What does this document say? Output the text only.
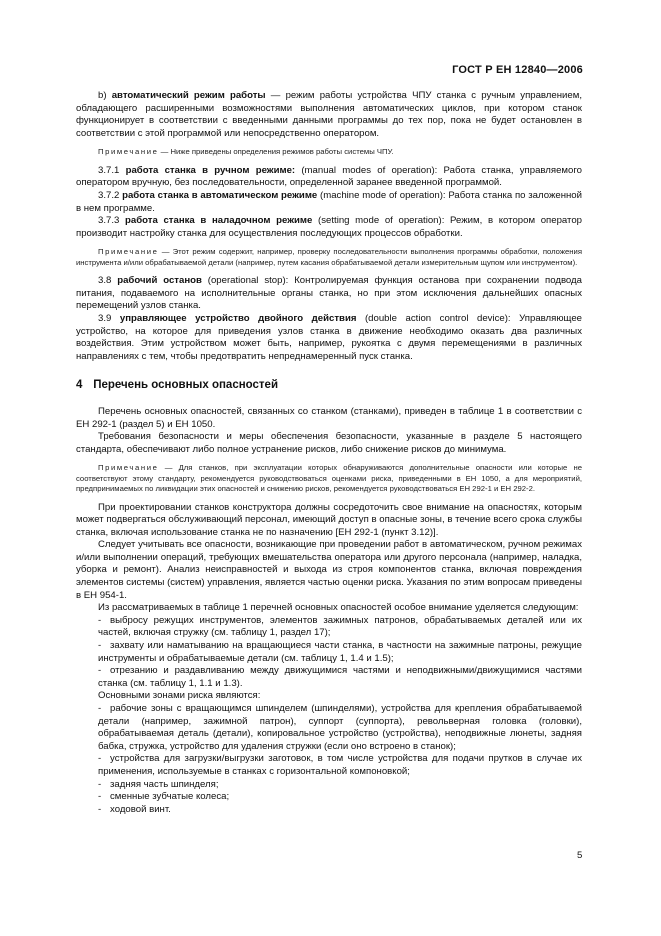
ГОСТ Р ЕН 12840—2006

b) автоматический режим работы — режим работы устройства ЧПУ станка с ручным управлением, обладающего расширенными возможностями выполнения автоматических циклов, при котором станок функционирует в соответствии с введенными данными программы до тех пор, пока не будет остановлен в соответствии с этой программой или непосредственно оператором.

Примечание — Ниже приведены определения режимов работы системы ЧПУ.

3.7.1 работа станка в ручном режиме: (manual modes of operation): Работа станка, управляемого оператором вручную, без последовательности, определенной заранее введенной программой.

3.7.2 работа станка в автоматическом режиме (machine mode of operation): Работа станка по заложенной в нем программе.

3.7.3 работа станка в наладочном режиме (setting mode of operation): Режим, в котором оператор производит настройку станка для осуществления последующих процессов обработки.

Примечание — Этот режим содержит, например, проверку последовательности выполнения программы обработки, положения инструмента и/или обрабатываемой детали (например, путем касания обрабатываемой детали измерительным щупом или инструментом).

3.8 рабочий останов (operational stop): Контролируемая функция останова при сохранении подвода питания, подаваемого на исполнительные органы станка, но при этом исключения дальнейших опасных перемещений узлов станка.

3.9 управляющее устройство двойного действия (double action control device): Управляющее устройство, на которое для приведения узлов станка в движение необходимо оказать два различных воздействия. Этим устройством может быть, например, рукоятка с двумя перемещениями в различных направлениях с тем, чтобы предотвратить непреднамеренный пуск станка.

4 Перечень основных опасностей

Перечень основных опасностей, связанных со станком (станками), приведен в таблице 1 в соответствии с ЕН 292-1 (раздел 5) и ЕН 1050.

Требования безопасности и меры обеспечения безопасности, указанные в разделе 5 настоящего стандарта, обеспечивают либо полное устранение рисков, либо снижение рисков до минимума.

Примечание — Для станков, при эксплуатации которых обнаруживаются дополнительные опасности или которые не соответствуют этому стандарту, рекомендуется руководствоваться оценками риска, приведенными в ЕН 1050, а для мероприятий, предпринимаемых по ликвидации этих опасностей и снижению рисков, рекомендуется руководствоваться ЕН 292-1 и ЕН 292-2.

При проектировании станков конструктора должны сосредоточить свое внимание на опасностях, которым может подвергаться обслуживающий персонал, имеющий доступ в опасные зоны, в течение всего срока службы станка, включая использование станка не по назначению [ЕН 292-1 (пункт 3.12)].

Следует учитывать все опасности, возникающие при проведении работ в автоматическом, ручном режимах и/или выполнении операций, требующих вмешательства оператора или другого персонала (например, наладка, уборка и ремонт). Анализ неисправностей и выхода из строя компонентов станка, включая повреждения элементов системы (систем) управления, является частью оценки риска. Указания по этим вопросам приведены в ЕН 954-1.

Из рассматриваемых в таблице 1 перечней основных опасностей особое внимание уделяется следующим:

- выбросу режущих инструментов, элементов зажимных патронов, обрабатываемых деталей или их частей, включая стружку (см. таблицу 1, раздел 17);

- захвату или наматыванию на вращающиеся части станка, в частности на зажимные патроны, режущие инструменты и обрабатываемые детали (см. таблицу 1, 1.4 и 1.5);

- отрезанию и раздавливанию между движущимися частями и неподвижными/движущимися частями станка (см. таблицу 1, 1.1 и 1.3).

Основными зонами риска являются:

- рабочие зоны с вращающимся шпинделем (шпинделями), устройства для крепления обрабатываемой детали (например, зажимной патрон), суппорт (суппорта), револьверная головка (головки), обрабатываемая деталь (детали), копировальное устройство (устройства), неподвижные люнеты, задняя бабка, стружка, устройство для удаления стружки (если оно встроено в станок);

- устройства для загрузки/выгрузки заготовок, в том числе устройства для подачи прутков в случае их применения, используемые в станках с горизонтальной компоновкой;

- задняя часть шпинделя;

- сменные зубчатые колеса;

- ходовой винт.

5
